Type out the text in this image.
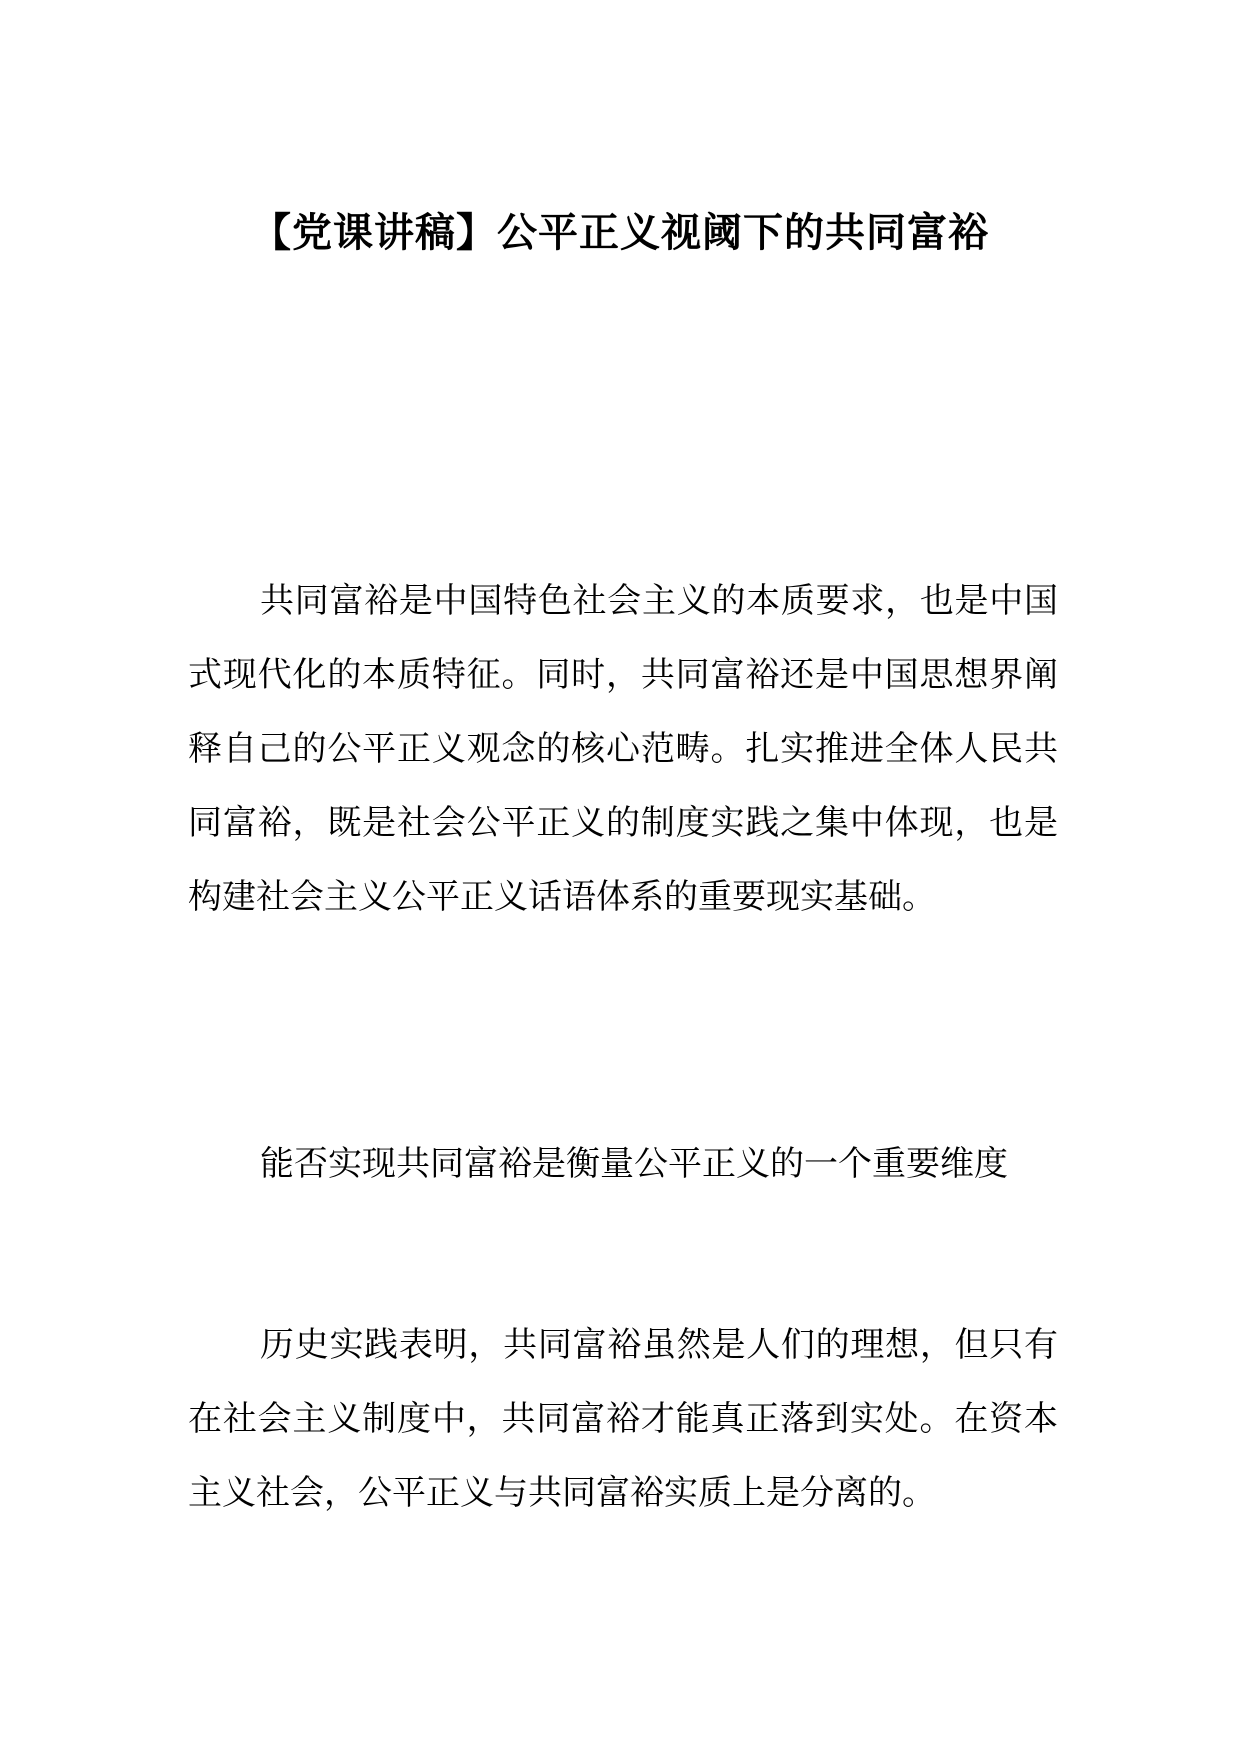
【党课讲稿】公平正义视阈下的共同富裕

共同富裕是中国特色社会主义的本质要求，也是中国式现代化的本质特征。同时，共同富裕还是中国思想界阐释自己的公平正义观念的核心范畴。扎实推进全体人民共同富裕，既是社会公平正义的制度实践之集中体现，也是构建社会主义公平正义话语体系的重要现实基础。

能否实现共同富裕是衡量公平正义的一个重要维度

历史实践表明，共同富裕虽然是人们的理想，但只有在社会主义制度中，共同富裕才能真正落到实处。在资本主义社会，公平正义与共同富裕实质上是分离的。
